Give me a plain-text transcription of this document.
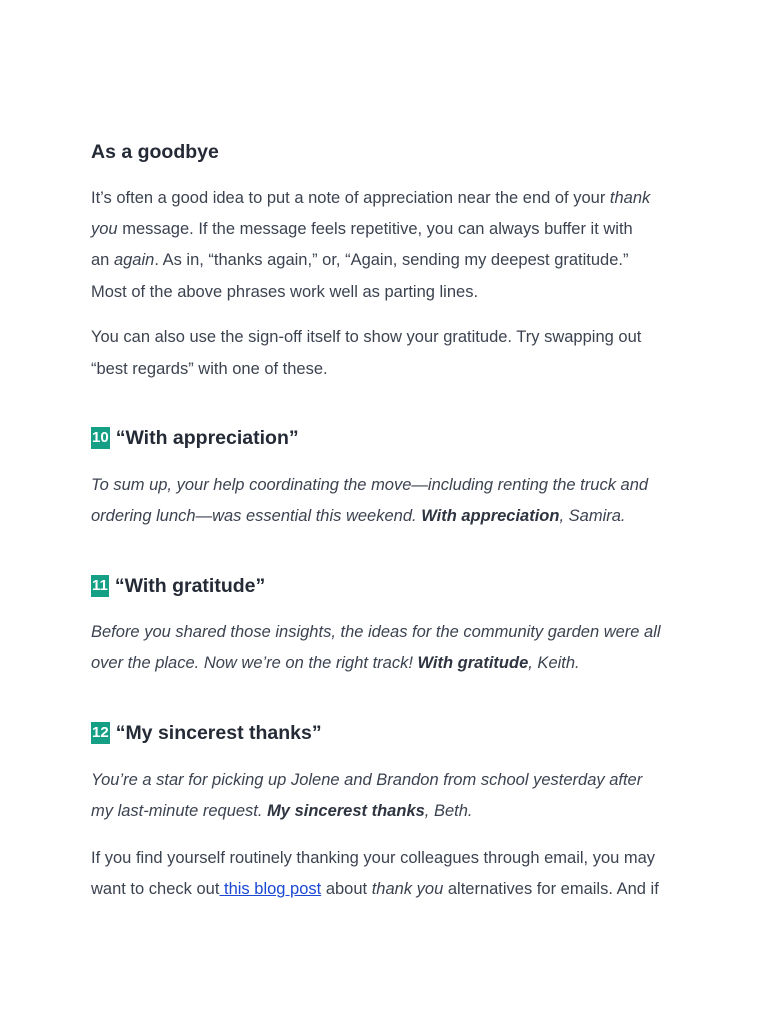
As a goodbye

It’s often a good idea to put a note of appreciation near the end of your thank

you message. If the message feels repetitive, you can always buffer it with

an again. As in, “thanks again,” or, “Again, sending my deepest gratitude.”

Most of the above phrases work well as parting lines.

You can also use the sign-off itself to show your gratitude. Try swapping out

“best regards” with one of these.

10 “With appreciation”

To sum up, your help coordinating the move—including renting the truck and

ordering lunch—was essential this weekend. With appreciation, Samira.

11 “With gratitude”

Before you shared those insights, the ideas for the community garden were all

over the place. Now we’re on the right track! With gratitude, Keith.

12 “My sincerest thanks”

You’re a star for picking up Jolene and Brandon from school yesterday after

my last-minute request. My sincerest thanks, Beth.

If you find yourself routinely thanking your colleagues through email, you may

want to check out this blog post about thank you alternatives for emails. And if
